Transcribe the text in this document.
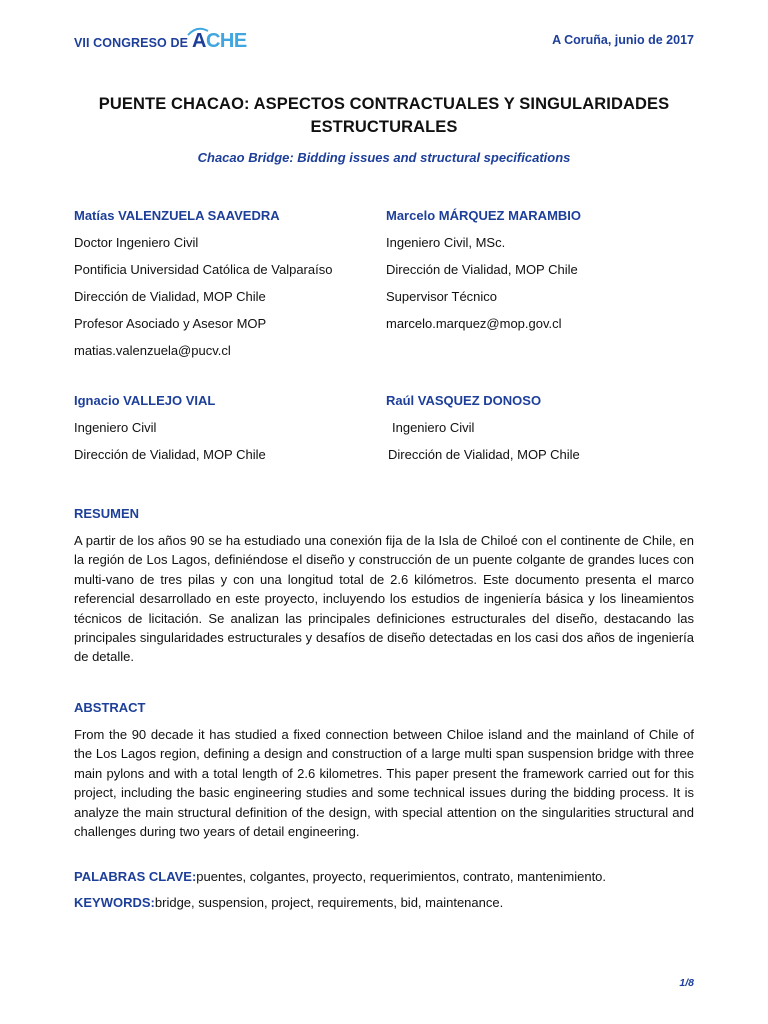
VII CONGRESO DE ACHE	A Coruña, junio de 2017
PUENTE CHACAO: ASPECTOS CONTRACTUALES Y SINGULARIDADES ESTRUCTURALES
Chacao Bridge: Bidding issues and structural specifications
Matías VALENZUELA SAAVEDRA
Doctor Ingeniero Civil
Pontificia Universidad Católica de Valparaíso
Dirección de Vialidad, MOP Chile
Profesor Asociado y Asesor MOP
matias.valenzuela@pucv.cl
Marcelo MÁRQUEZ MARAMBIO
Ingeniero Civil, MSc.
Dirección de Vialidad, MOP Chile
Supervisor Técnico
marcelo.marquez@mop.gov.cl
Ignacio VALLEJO VIAL
Ingeniero Civil
Dirección de Vialidad, MOP Chile
Raúl VASQUEZ DONOSO
Ingeniero Civil
Dirección de Vialidad, MOP Chile
RESUMEN
A partir de los años 90 se ha estudiado una conexión fija de la Isla de Chiloé con el continente de Chile, en la región de Los Lagos, definiéndose el diseño y construcción de un puente colgante de grandes luces con multi-vano de tres pilas y con una longitud total de 2.6 kilómetros. Este documento presenta el marco referencial desarrollado en este proyecto, incluyendo los estudios de ingeniería básica y los lineamientos técnicos de licitación. Se analizan las principales definiciones estructurales del diseño, destacando las principales singularidades estructurales y desafíos de diseño detectadas en los casi dos años de ingeniería de detalle.
ABSTRACT
From the 90 decade it has studied a fixed connection between Chiloe island and the mainland of Chile of the Los Lagos region, defining a design and construction of a large multi span suspension bridge with three main pylons and with a total length of 2.6 kilometres. This paper present the framework carried out for this project, including the basic engineering studies and some technical issues during the bidding process. It is analyze the main structural definition of the design, with special attention on the singularities structural and challenges during two years of detail engineering.
PALABRAS CLAVE:puentes, colgantes, proyecto, requerimientos, contrato, mantenimiento.
KEYWORDS:bridge, suspension, project, requirements, bid, maintenance.
1/8
